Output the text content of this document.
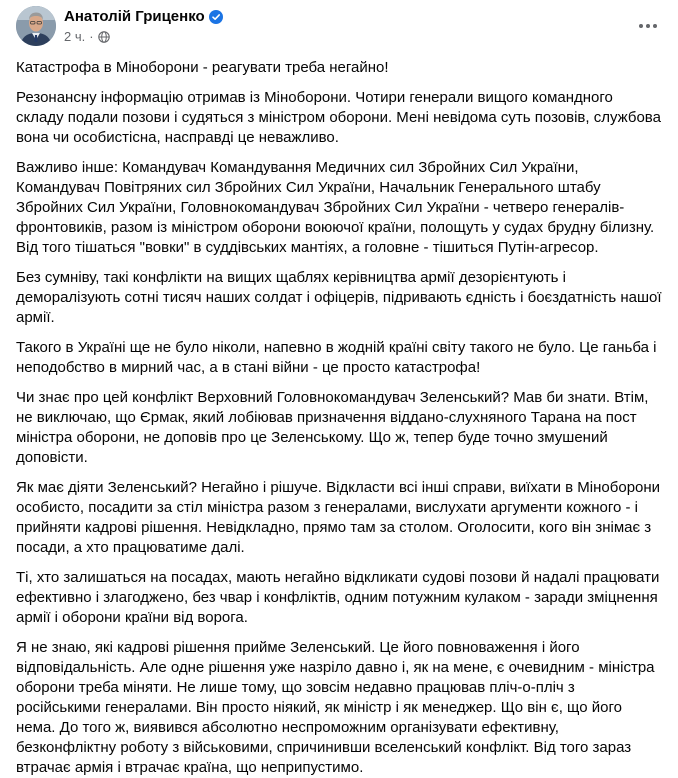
Анатолій Гриценко
2 ч. ·

Катастрофа в Міноборони - реагувати треба негайно!

Резонансну інформацію отримав із Міноборони. Чотири генерали вищого командного складу подали позови і судяться з міністром оборони. Мені невідома суть позовів, службова вона чи особистісна, насправді це неважливо.

Важливо інше: Командувач Командування Медичних сил Збройних Сил України, Командувач Повітряних сил Збройних Сил України, Начальник Генерального штабу Збройних Сил України, Головнокомандувач Збройних Сил України - четверо генералів-фронтовиків, разом із міністром оборони воюючої країни, полощуть у судах брудну білизну. Від того тішаться "вовки" в суддівських мантіях, а головне - тішиться Путін-агресор.

Без сумніву, такі конфлікти на вищих щаблях керівництва армії дезорієнтують і деморалізують сотні тисяч наших солдат і офіцерів, підривають єдність і боєздатність нашої армії.

Такого в Україні ще не було ніколи, напевно в жодній країні світу такого не було. Це ганьба і неподобство в мирний час, а в стані війни - це просто катастрофа!

Чи знає про цей конфлікт Верховний Головнокомандувач Зеленський? Мав би знати. Втім, не виключаю, що Єрмак, який лобіював призначення віддано-слухняного Тарана на пост міністра оборони, не доповів про це Зеленському. Що ж, тепер буде точно змушений доповісти.

Як має діяти Зеленський? Негайно і рішуче. Відкласти всі інші справи, виїхати в Міноборони особисто, посадити за стіл міністра разом з генералами, вислухати аргументи кожного - і прийняти кадрові рішення. Невідкладно, прямо там за столом. Оголосити, кого він знімає з посади, а хто працюватиме далі.

Ті, хто залишаться на посадах, мають негайно відкликати судові позови й надалі працювати ефективно і злагоджено, без чвар і конфліктів, одним потужним кулаком - заради зміцнення армії і оборони країни від ворога.

Я не знаю, які кадрові рішення прийме Зеленський. Це його повноваження і його відповідальність. Але одне рішення уже назріло давно і, як на мене, є очевидним - міністра оборони треба міняти. Не лише тому, що зовсім недавно працював пліч-о-пліч з російськими генералами. Він просто ніякий, як міністр і як менеджер. Що він є, що його нема. До того ж, виявився абсолютно неспроможним організувати ефективну, безконфліктну роботу з військовими, спричинивши вселенський конфлікт. Від того зараз втрачає армія і втрачає країна, що неприпустимо.
